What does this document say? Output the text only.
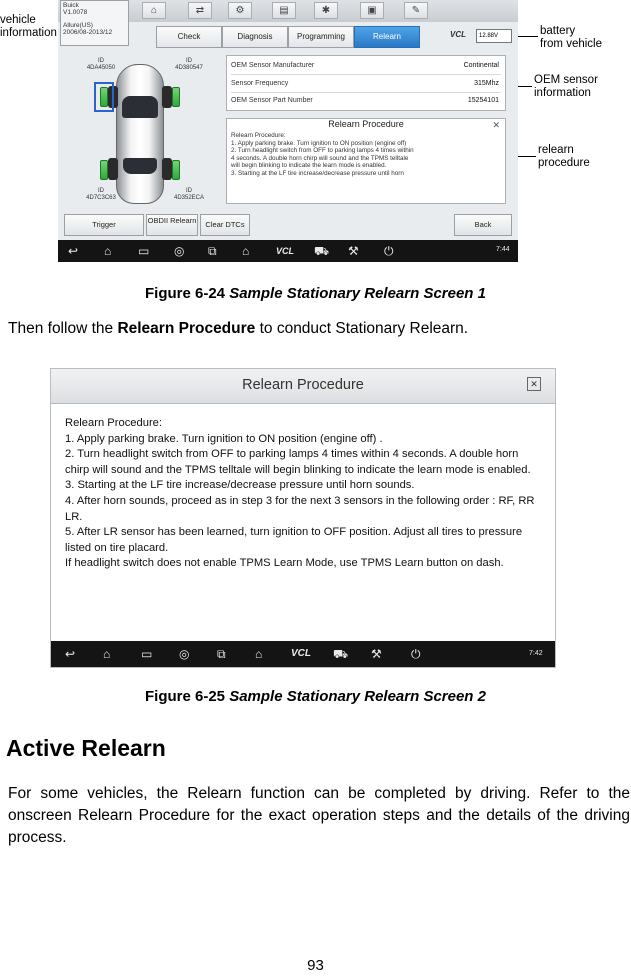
vehicle
information	battery
from vehicle
OEM sensor
information
relearn
procedure
Buick
V1.0078
Allure(US)
2006/08-2013/12
⌂	⇄	⚙	▤	✱	▣	✎
Check	Diagnosis	Programming	Relearn	VCL	12.88V
ID
4DA45050
ID
4D380547
ID
4D7C3C63
ID
4D352ECA
OEM Sensor Manufacturer	Continental
Sensor Frequency	315Mhz
OEM Sensor Part Number	15254101
Relearn Procedure	✕
Relearn Procedure:
1. Apply parking brake. Turn ignition to ON position (engine off)
2. Turn headlight switch from OFF to parking lamps 4 times within
4 seconds. A double horn chirp will sound and the TPMS telltale
will begin blinking to indicate the learn mode is enabled.
3. Starting at the LF tire increase/decrease pressure until horn
Trigger	OBDII Relearn	Clear DTCs	Back
↩ ⌂ ▭ ◎ ⧉ ⌂	VCL ⛟ ⚒ ⏻	7:44
Figure 6-24 Sample Stationary Relearn Screen 1
Then follow the Relearn Procedure to conduct Stationary Relearn.
Relearn Procedure	✕
Relearn Procedure:
1. Apply parking brake. Turn ignition to ON position (engine off) .
2. Turn headlight switch from OFF to parking lamps 4 times within 4 seconds. A double horn chirp will sound and the TPMS telltale will begin blinking to indicate the learn mode is enabled.
3. Starting at the LF tire increase/decrease pressure until horn sounds.
4. After horn sounds, proceed as in step 3 for the next 3 sensors in the following order : RF, RR LR.
5. After LR sensor has been learned, turn ignition to OFF position. Adjust all tires to pressure listed on tire placard.
If headlight switch does not enable TPMS Learn Mode, use TPMS Learn button on dash.
↩ ⌂	▭ ◎ ⧉ ⌂	VCL ⛟ ⚒ ⏻	7:42
Figure 6-25 Sample Stationary Relearn Screen 2
Active Relearn
For some vehicles, the Relearn function can be completed by driving. Refer to the onscreen Relearn Procedure for the exact operation steps and the details of the driving process.
93
